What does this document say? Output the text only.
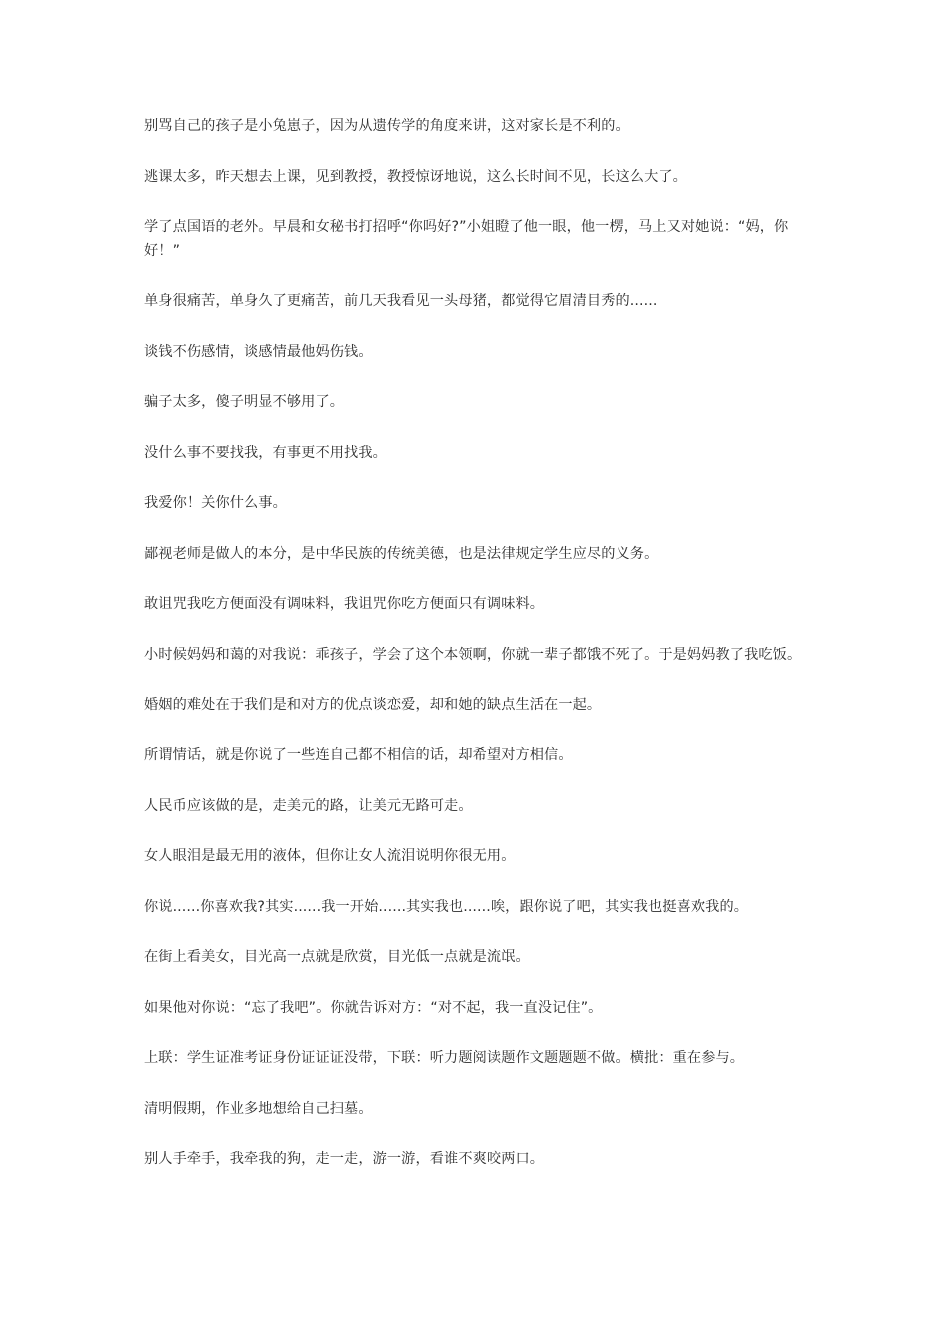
别骂自己的孩子是小兔崽子，因为从遗传学的角度来讲，这对家长是不利的。

逃课太多，昨天想去上课，见到教授，教授惊讶地说，这么长时间不见，长这么大了。

学了点国语的老外。早晨和女秘书打招呼“你吗好?”小姐瞪了他一眼，他一楞，马上又对她说：“妈，你好！”

单身很痛苦，单身久了更痛苦，前几天我看见一头母猪，都觉得它眉清目秀的......

谈钱不伤感情，谈感情最他妈伤钱。

骗子太多，傻子明显不够用了。

没什么事不要找我，有事更不用找我。

我爱你！关你什么事。

鄙视老师是做人的本分，是中华民族的传统美德，也是法律规定学生应尽的义务。

敢诅咒我吃方便面没有调味料，我诅咒你吃方便面只有调味料。

小时候妈妈和蔼的对我说：乖孩子，学会了这个本领啊，你就一辈子都饿不死了。于是妈妈教了我吃饭。

婚姻的难处在于我们是和对方的优点谈恋爱，却和她的缺点生活在一起。

所谓情话，就是你说了一些连自己都不相信的话，却希望对方相信。

人民币应该做的是，走美元的路，让美元无路可走。

女人眼泪是最无用的液体，但你让女人流泪说明你很无用。

你说......你喜欢我?其实......我一开始......其实我也......唉，跟你说了吧，其实我也挺喜欢我的。

在街上看美女，目光高一点就是欣赏，目光低一点就是流氓。

如果他对你说：“忘了我吧”。你就告诉对方：“对不起，我一直没记住”。

上联：学生证准考证身份证证证没带，下联：听力题阅读题作文题题题不做。横批：重在参与。

清明假期，作业多地想给自己扫墓。

别人手牵手，我牵我的狗，走一走，游一游，看谁不爽咬两口。
